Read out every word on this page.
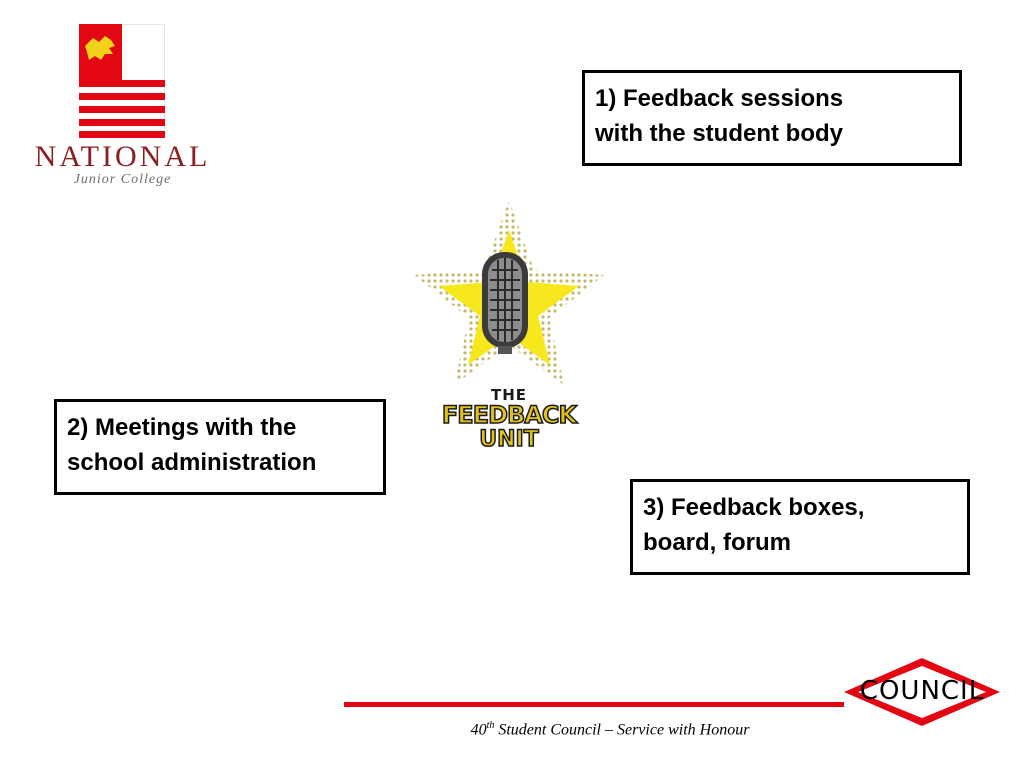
NATIONAL
Junior College
THE
FEEDBACK
UNIT
1) Feedback sessions
with the student body
2) Meetings with the
school administration
3) Feedback boxes,
board, forum
40th Student Council – Service with Honour
COUNCIL
